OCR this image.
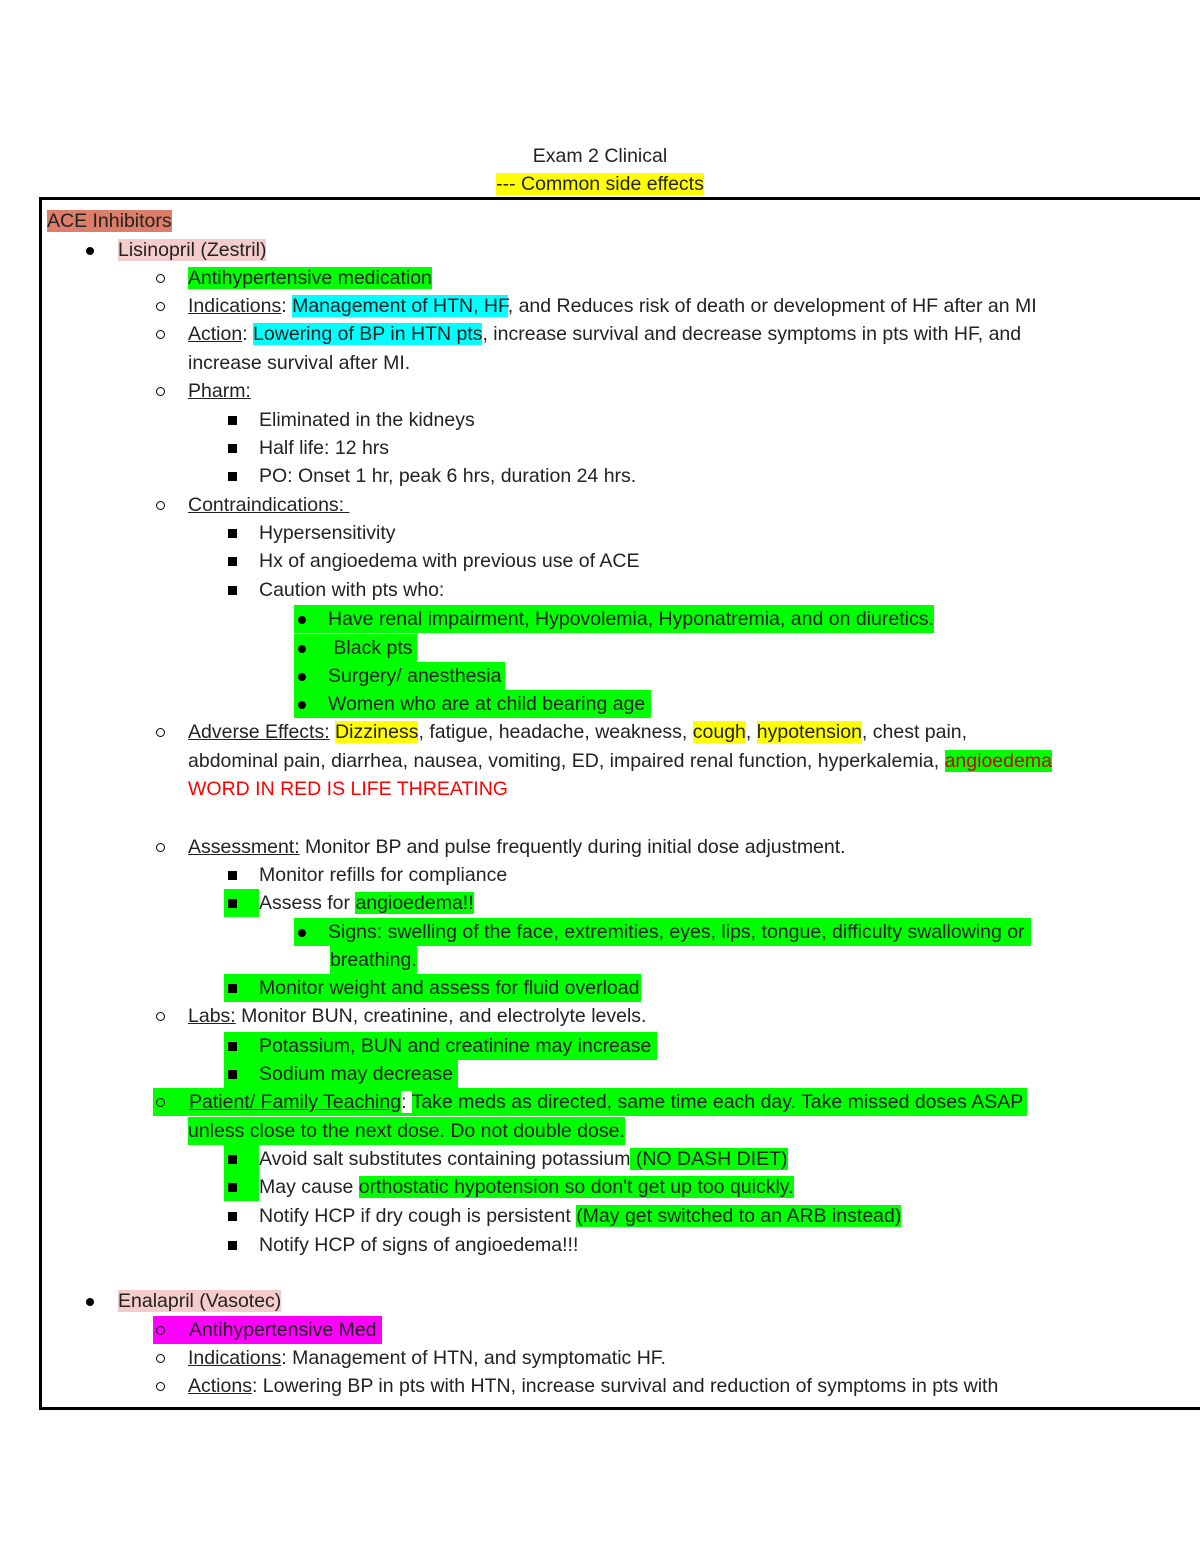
Exam 2 Clinical
--- Common side effects
ACE Inhibitors
Lisinopril (Zestril)
Antihypertensive medication
Indications: Management of HTN, HF, and Reduces risk of death or development of HF after an MI
Action: Lowering of BP in HTN pts, increase survival and decrease symptoms in pts with HF, and
increase survival after MI.
Pharm:
Eliminated in the kidneys
Half life: 12 hrs
PO: Onset 1 hr, peak 6 hrs, duration 24 hrs.
Contraindications:
Hypersensitivity
Hx of angioedema with previous use of ACE
Caution with pts who:
Have renal impairment, Hypovolemia, Hyponatremia, and on diuretics.
Black pts
Surgery/ anesthesia
Women who are at child bearing age
Adverse Effects: Dizziness, fatigue, headache, weakness, cough, hypotension, chest pain,
abdominal pain, diarrhea, nausea, vomiting, ED, impaired renal function, hyperkalemia, angioedema
WORD IN RED IS LIFE THREATING
Assessment: Monitor BP and pulse frequently during initial dose adjustment.
Monitor refills for compliance
Assess for angioedema!!
Signs: swelling of the face, extremities, eyes, lips, tongue, difficulty swallowing or
breathing.
Monitor weight and assess for fluid overload
Labs: Monitor BUN, creatinine, and electrolyte levels.
Potassium, BUN and creatinine may increase
Sodium may decrease
Patient/ Family Teaching: Take meds as directed, same time each day. Take missed doses ASAP
unless close to the next dose. Do not double dose.
Avoid salt substitutes containing potassium (NO DASH DIET)
May cause orthostatic hypotension so don't get up too quickly.
Notify HCP if dry cough is persistent (May get switched to an ARB instead)
Notify HCP of signs of angioedema!!!
Enalapril (Vasotec)
Antihypertensive Med
Indications: Management of HTN, and symptomatic HF.
Actions: Lowering BP in pts with HTN, increase survival and reduction of symptoms in pts with
